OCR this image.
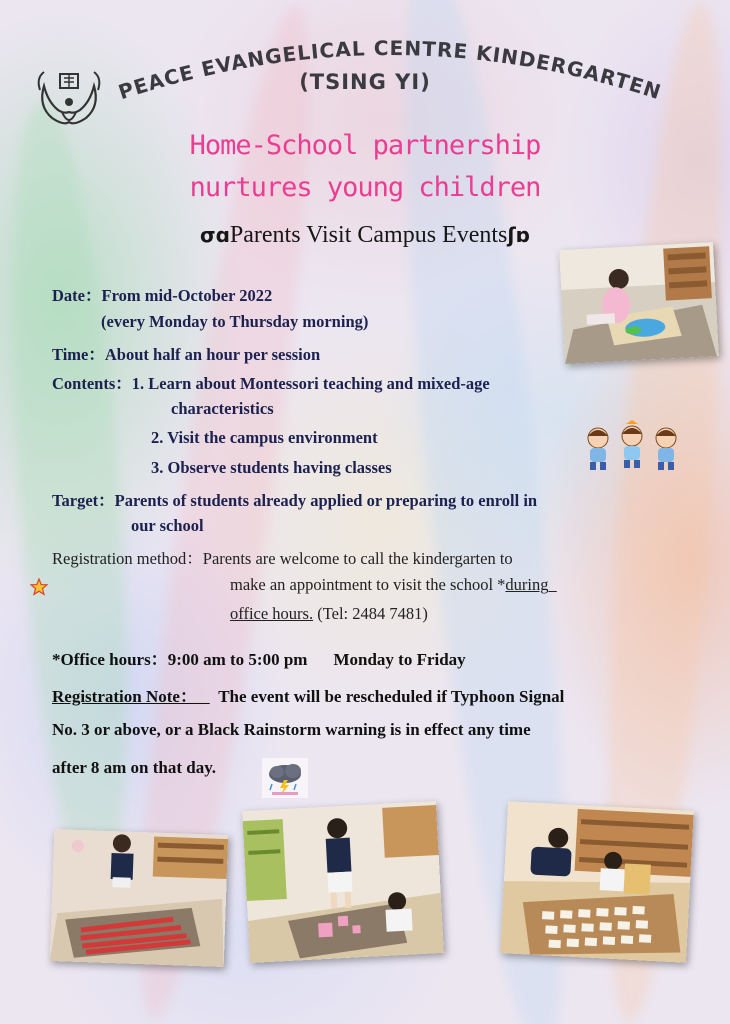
PEACE EVANGELICAL CENTRE KINDERGARTEN
(TSING YI)
Home-School partnership
nurtures young children
σɑParents Visit Campus Eventsʃɒ
Date：From mid-October 2022
(every Monday to Thursday morning)
Time：About half an hour per session
Contents：1. Learn about Montessori teaching and mixed-age
characteristics
2. Visit the campus environment
3. Observe students having classes
Target：Parents of students already applied or preparing to enroll in
our school
Registration method：Parents are welcome to call the kindergarten to
make an appointment to visit the school *during
office hours. (Tel: 2484 7481)
*Office hours：9:00 am to 5:00 pm Monday to Friday
Registration Note： The event will be rescheduled if Typhoon Signal
No. 3 or above, or a Black Rainstorm warning is in effect any time
after 8 am on that day.
